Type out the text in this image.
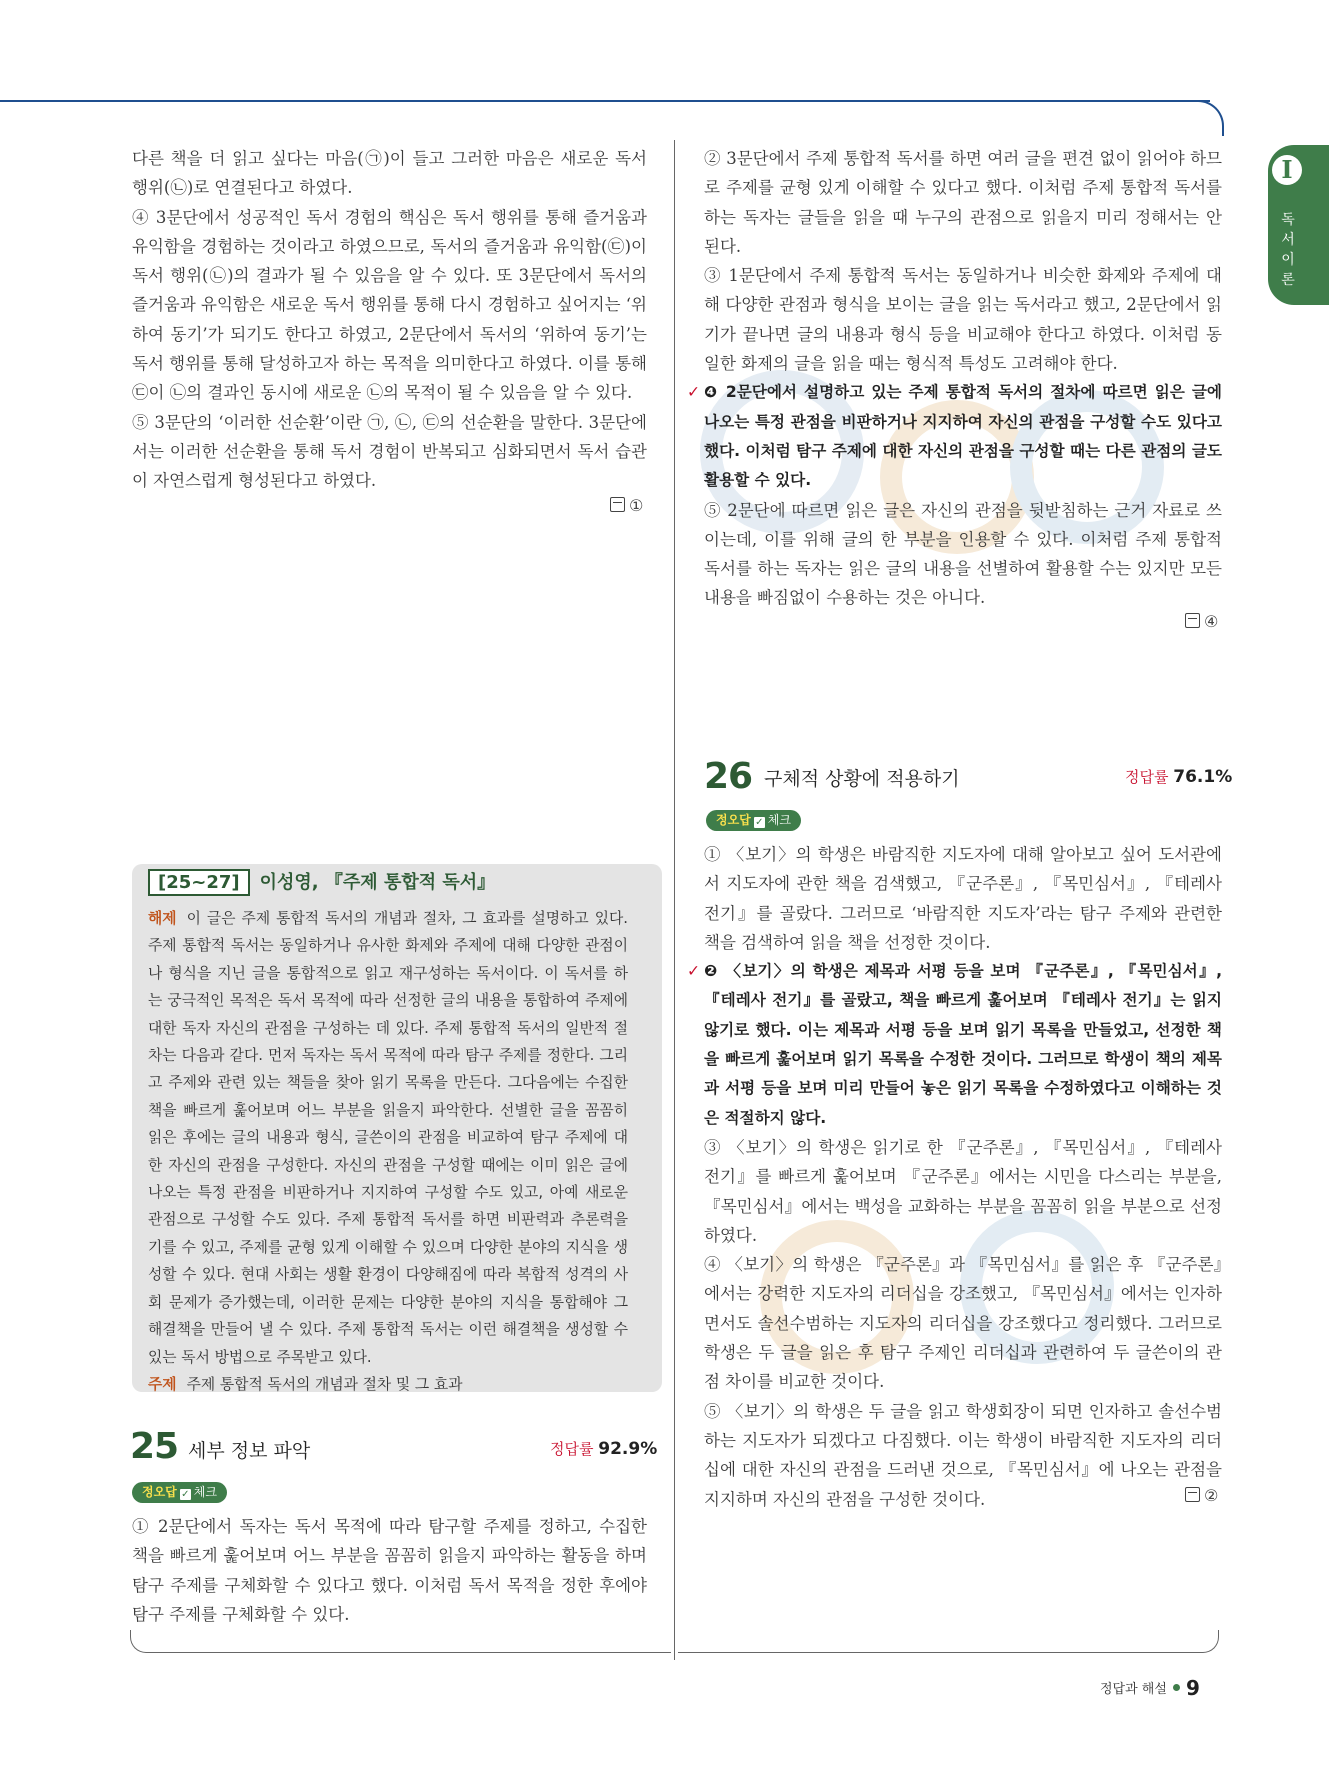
I
독서 이론

다른 책을 더 읽고 싶다는 마음(㉠)이 들고 그러한 마음은 새로운 독서 행위(㉡)로 연결된다고 하였다.

④ 3문단에서 성공적인 독서 경험의 핵심은 독서 행위를 통해 즐거움과 유익함을 경험하는 것이라고 하였으므로, 독서의 즐거움과 유익함(㉢)이 독서 행위(㉡)의 결과가 될 수 있음을 알 수 있다. 또 3문단에서 독서의 즐거움과 유익함은 새로운 독서 행위를 통해 다시 경험하고 싶어지는 ‘위하여 동기’가 되기도 한다고 하였고, 2문단에서 독서의 ‘위하여 동기’는 독서 행위를 통해 달성하고자 하는 목적을 의미한다고 하였다. 이를 통해 ㉢이 ㉡의 결과인 동시에 새로운 ㉡의 목적이 될 수 있음을 알 수 있다.

⑤ 3문단의 ‘이러한 선순환’이란 ㉠, ㉡, ㉢의 선순환을 말한다. 3문단에서는 이러한 선순환을 통해 독서 경험이 반복되고 심화되면서 독서 습관이 자연스럽게 형성된다고 하였다.

①

② 3문단에서 주제 통합적 독서를 하면 여러 글을 편견 없이 읽어야 하므로 주제를 균형 있게 이해할 수 있다고 했다. 이처럼 주제 통합적 독서를 하는 독자는 글들을 읽을 때 누구의 관점으로 읽을지 미리 정해서는 안 된다.

③ 1문단에서 주제 통합적 독서는 동일하거나 비슷한 화제와 주제에 대해 다양한 관점과 형식을 보이는 글을 읽는 독서라고 했고, 2문단에서 읽기가 끝나면 글의 내용과 형식 등을 비교해야 한다고 하였다. 이처럼 동일한 화제의 글을 읽을 때는 형식적 특성도 고려해야 한다.

✓ ❹ 2문단에서 설명하고 있는 주제 통합적 독서의 절차에 따르면 읽은 글에 나오는 특정 관점을 비판하거나 지지하여 자신의 관점을 구성할 수도 있다고 했다. 이처럼 탐구 주제에 대한 자신의 관점을 구성할 때는 다른 관점의 글도 활용할 수 있다.

⑤ 2문단에 따르면 읽은 글은 자신의 관점을 뒷받침하는 근거 자료로 쓰이는데, 이를 위해 글의 한 부분을 인용할 수 있다. 이처럼 주제 통합적 독서를 하는 독자는 읽은 글의 내용을 선별하여 활용할 수는 있지만 모든 내용을 빠짐없이 수용하는 것은 아니다.

④
[25~27] 이성영, 『주제 통합적 독서』
해제 이 글은 주제 통합적 독서의 개념과 절차, 그 효과를 설명하고 있다. 주제 통합적 독서는 동일하거나 유사한 화제와 주제에 대해 다양한 관점이나 형식을 지닌 글을 통합적으로 읽고 재구성하는 독서이다. 이 독서를 하는 궁극적인 목적은 독서 목적에 따라 선정한 글의 내용을 통합하여 주제에 대한 독자 자신의 관점을 구성하는 데 있다. 주제 통합적 독서의 일반적 절차는 다음과 같다. 먼저 독자는 독서 목적에 따라 탐구 주제를 정한다. 그리고 주제와 관련 있는 책들을 찾아 읽기 목록을 만든다. 그다음에는 수집한 책을 빠르게 훑어보며 어느 부분을 읽을지 파악한다. 선별한 글을 꼼꼼히 읽은 후에는 글의 내용과 형식, 글쓴이의 관점을 비교하여 탐구 주제에 대한 자신의 관점을 구성한다. 자신의 관점을 구성할 때에는 이미 읽은 글에 나오는 특정 관점을 비판하거나 지지하여 구성할 수도 있고, 아예 새로운 관점으로 구성할 수도 있다. 주제 통합적 독서를 하면 비판력과 추론력을 기를 수 있고, 주제를 균형 있게 이해할 수 있으며 다양한 분야의 지식을 생성할 수 있다. 현대 사회는 생활 환경이 다양해짐에 따라 복합적 성격의 사회 문제가 증가했는데, 이러한 문제는 다양한 분야의 지식을 통합해야 그 해결책을 만들어 낼 수 있다. 주제 통합적 독서는 이런 해결책을 생성할 수 있는 독서 방법으로 주목받고 있다.
주제 주제 통합적 독서의 개념과 절차 및 그 효과
25 세부 정보 파악	정답률 92.9%
정오답 ✓ 체크

① 2문단에서 독자는 독서 목적에 따라 탐구할 주제를 정하고, 수집한 책을 빠르게 훑어보며 어느 부분을 꼼꼼히 읽을지 파악하는 활동을 하며 탐구 주제를 구체화할 수 있다고 했다. 이처럼 독서 목적을 정한 후에야 탐구 주제를 구체화할 수 있다.

26 구체적 상황에 적용하기	정답률 76.1%
정오답 ✓ 체크

① 〈보기〉의 학생은 바람직한 지도자에 대해 알아보고 싶어 도서관에서 지도자에 관한 책을 검색했고, 『군주론』, 『목민심서』, 『테레사 전기』를 골랐다. 그러므로 ‘바람직한 지도자’라는 탐구 주제와 관련한 책을 검색하여 읽을 책을 선정한 것이다.

✓ ❷ 〈보기〉의 학생은 제목과 서평 등을 보며 『군주론』, 『목민심서』, 『테레사 전기』를 골랐고, 책을 빠르게 훑어보며 『테레사 전기』는 읽지 않기로 했다. 이는 제목과 서평 등을 보며 읽기 목록을 만들었고, 선정한 책을 빠르게 훑어보며 읽기 목록을 수정한 것이다. 그러므로 학생이 책의 제목과 서평 등을 보며 미리 만들어 놓은 읽기 목록을 수정하였다고 이해하는 것은 적절하지 않다.

③ 〈보기〉의 학생은 읽기로 한 『군주론』, 『목민심서』, 『테레사 전기』를 빠르게 훑어보며 『군주론』에서는 시민을 다스리는 부분을, 『목민심서』에서는 백성을 교화하는 부분을 꼼꼼히 읽을 부분으로 선정하였다.

④ 〈보기〉의 학생은 『군주론』과 『목민심서』를 읽은 후 『군주론』에서는 강력한 지도자의 리더십을 강조했고, 『목민심서』에서는 인자하면서도 솔선수범하는 지도자의 리더십을 강조했다고 정리했다. 그러므로 학생은 두 글을 읽은 후 탐구 주제인 리더십과 관련하여 두 글쓴이의 관점 차이를 비교한 것이다.

⑤ 〈보기〉의 학생은 두 글을 읽고 학생회장이 되면 인자하고 솔선수범하는 지도자가 되겠다고 다짐했다. 이는 학생이 바람직한 지도자의 리더십에 대한 자신의 관점을 드러낸 것으로, 『목민심서』에 나오는 관점을 지지하며 자신의 관점을 구성한 것이다.	②
정답과 해설 9
